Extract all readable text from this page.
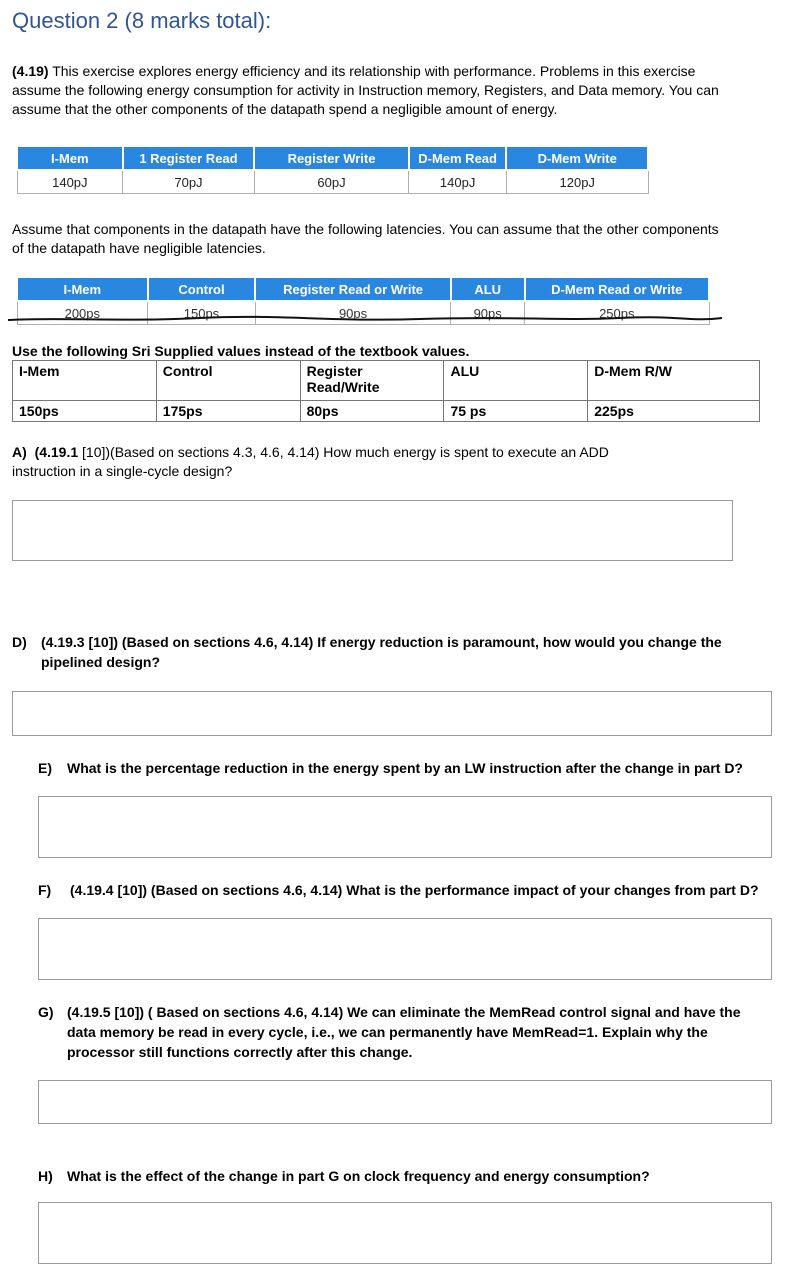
Question 2 (8 marks total):
(4.19) This exercise explores energy efficiency and its relationship with performance. Problems in this exercise assume the following energy consumption for activity in Instruction memory, Registers, and Data memory. You can assume that the other components of the datapath spend a negligible amount of energy.
I-Mem	1 Register Read	Register Write	D-Mem Read	D-Mem Write
140pJ	70pJ	60pJ	140pJ	120pJ
Assume that components in the datapath have the following latencies. You can assume that the other components of the datapath have negligible latencies.
I-Mem	Control	Register Read or Write	ALU	D-Mem Read or Write
200ps	150ps	90ps	90ps	250ps
Use the following Sri Supplied values instead of the textbook values.
I-Mem	Control	Register Read/Write	ALU	D-Mem R/W
150ps	175ps	80ps	75 ps	225ps
A) (4.19.1 [10])(Based on sections 4.3, 4.6, 4.14) How much energy is spent to execute an ADD instruction in a single-cycle design?
D) (4.19.3 [10]) (Based on sections 4.6, 4.14) If energy reduction is paramount, how would you change the pipelined design?
E) What is the percentage reduction in the energy spent by an LW instruction after the change in part D?
F) (4.19.4 [10]) (Based on sections 4.6, 4.14) What is the performance impact of your changes from part D?
G) (4.19.5 [10]) ( Based on sections 4.6, 4.14) We can eliminate the MemRead control signal and have the data memory be read in every cycle, i.e., we can permanently have MemRead=1. Explain why the processor still functions correctly after this change.
H) What is the effect of the change in part G on clock frequency and energy consumption?
